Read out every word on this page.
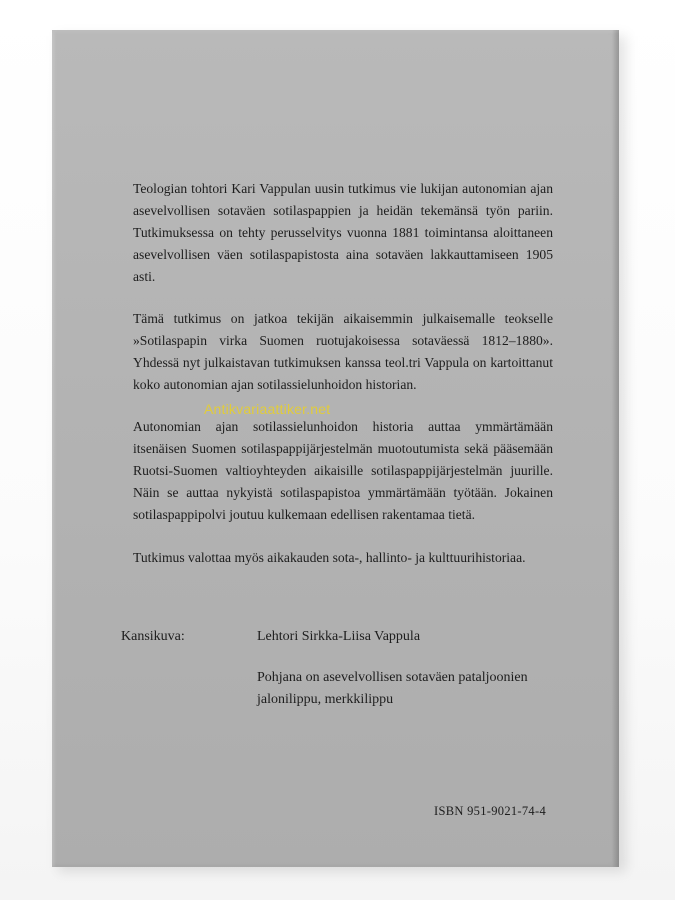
Teologian tohtori Kari Vappulan uusin tutkimus vie lukijan autonomian ajan asevelvollisen sotaväen sotilaspappien ja heidän tekemänsä työn pariin. Tutkimuksessa on tehty perusselvitys vuonna 1881 toimintansa aloittaneen asevelvollisen väen sotilaspapistosta aina sotaväen lakkauttamiseen 1905 asti.

Tämä tutkimus on jatkoa tekijän aikaisemmin julkaisemalle teokselle »Sotilaspapin virka Suomen ruotujakoisessa sotaväessä 1812–1880». Yhdessä nyt julkaistavan tutkimuksen kanssa teol.tri Vappula on kartoittanut koko autonomian ajan sotilassielunhoidon historian.

Autonomian ajan sotilassielunhoidon historia auttaa ymmärtämään itsenäisen Suomen sotilaspappijärjestelmän muotoutumista sekä pääsemään Ruotsi-Suomen valtioyhteyden aikaisille sotilaspappijärjestelmän juurille. Näin se auttaa nykyistä sotilaspapistoa ymmärtämään työtään. Jokainen sotilaspappipolvi joutuu kulkemaan edellisen rakentamaa tietä.

Tutkimus valottaa myös aikakauden sota-, hallinto- ja kulttuurihistoriaa.

Antikvariaattiker.net
Kansikuva:	Lehtori Sirkka-Liisa Vappula
Pohjana on asevelvollisen sotaväen pataljoonien jalonilippu, merkkilippu
ISBN 951-9021-74-4
